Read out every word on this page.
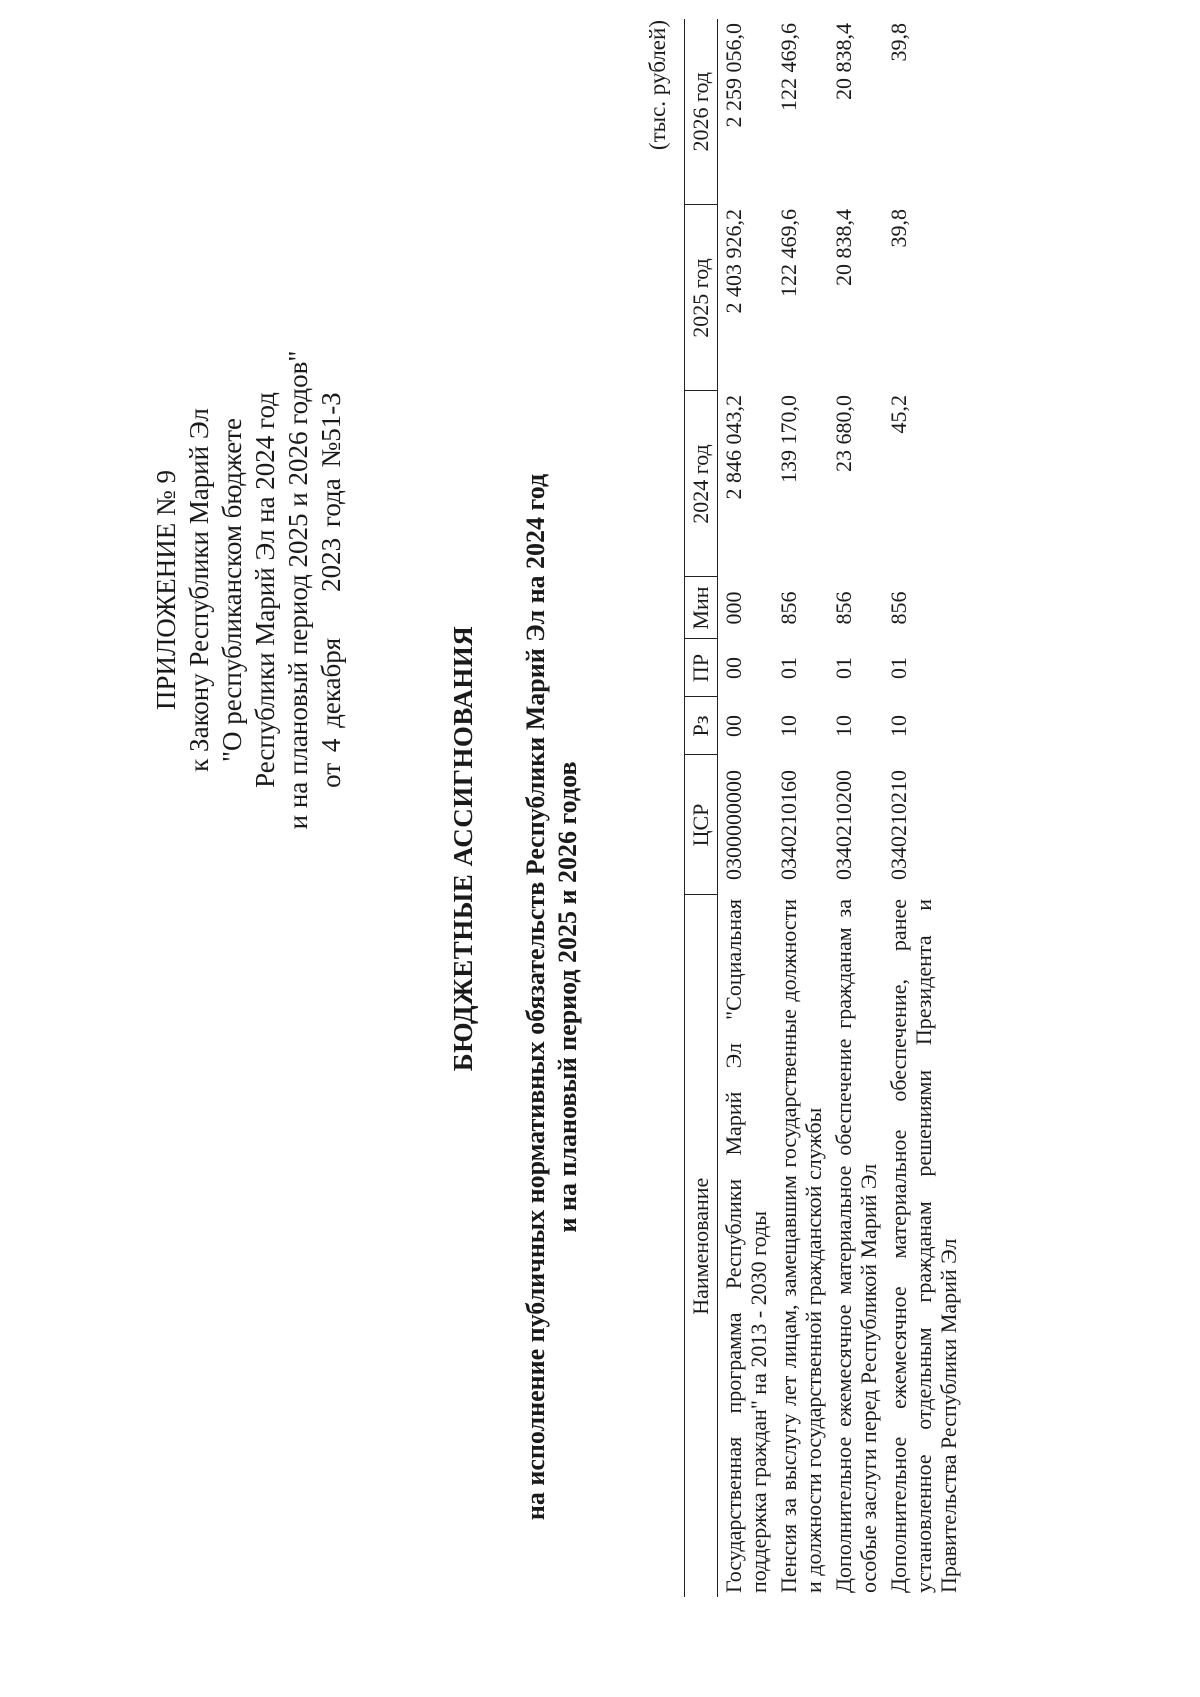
ПРИЛОЖЕНИЕ № 9 к Закону Республики Марий Эл "О республиканском бюджете Республики Марий Эл на 2024 год и на плановый период 2025 и 2026 годов" от 4 декабря2023 года №51-З
БЮДЖЕТНЫЕ АССИГНОВАНИЯ на исполнение публичных нормативных обязательств Республики Марий Эл на 2024 год и на плановый период 2025 и 2026 годов
(тыс. рублей)
Наименование	ЦСР	Рз	ПР	Мин	2024 год	2025 год	2026 год
Государственная программа Республики Марий Эл "Социальная поддержка граждан" на 2013 - 2030 годы	0300000000	00	00	000	2 846 043,2	2 403 926,2	2 259 056,0
Пенсия за выслугу лет лицам, замещавшим государственные должности и должности государственной гражданской службы	0340210160	10	01	856	139 170,0	122 469,6	122 469,6
Дополнительное ежемесячное материальное обеспечение гражданам за особые заслуги перед Республикой Марий Эл	0340210200	10	01	856	23 680,0	20 838,4	20 838,4
Дополнительное ежемесячное материальное обеспечение, ранее установленное отдельным гражданам решениями Президента и Правительства Республики Марий Эл	0340210210	10	01	856	45,2	39,8	39,8
